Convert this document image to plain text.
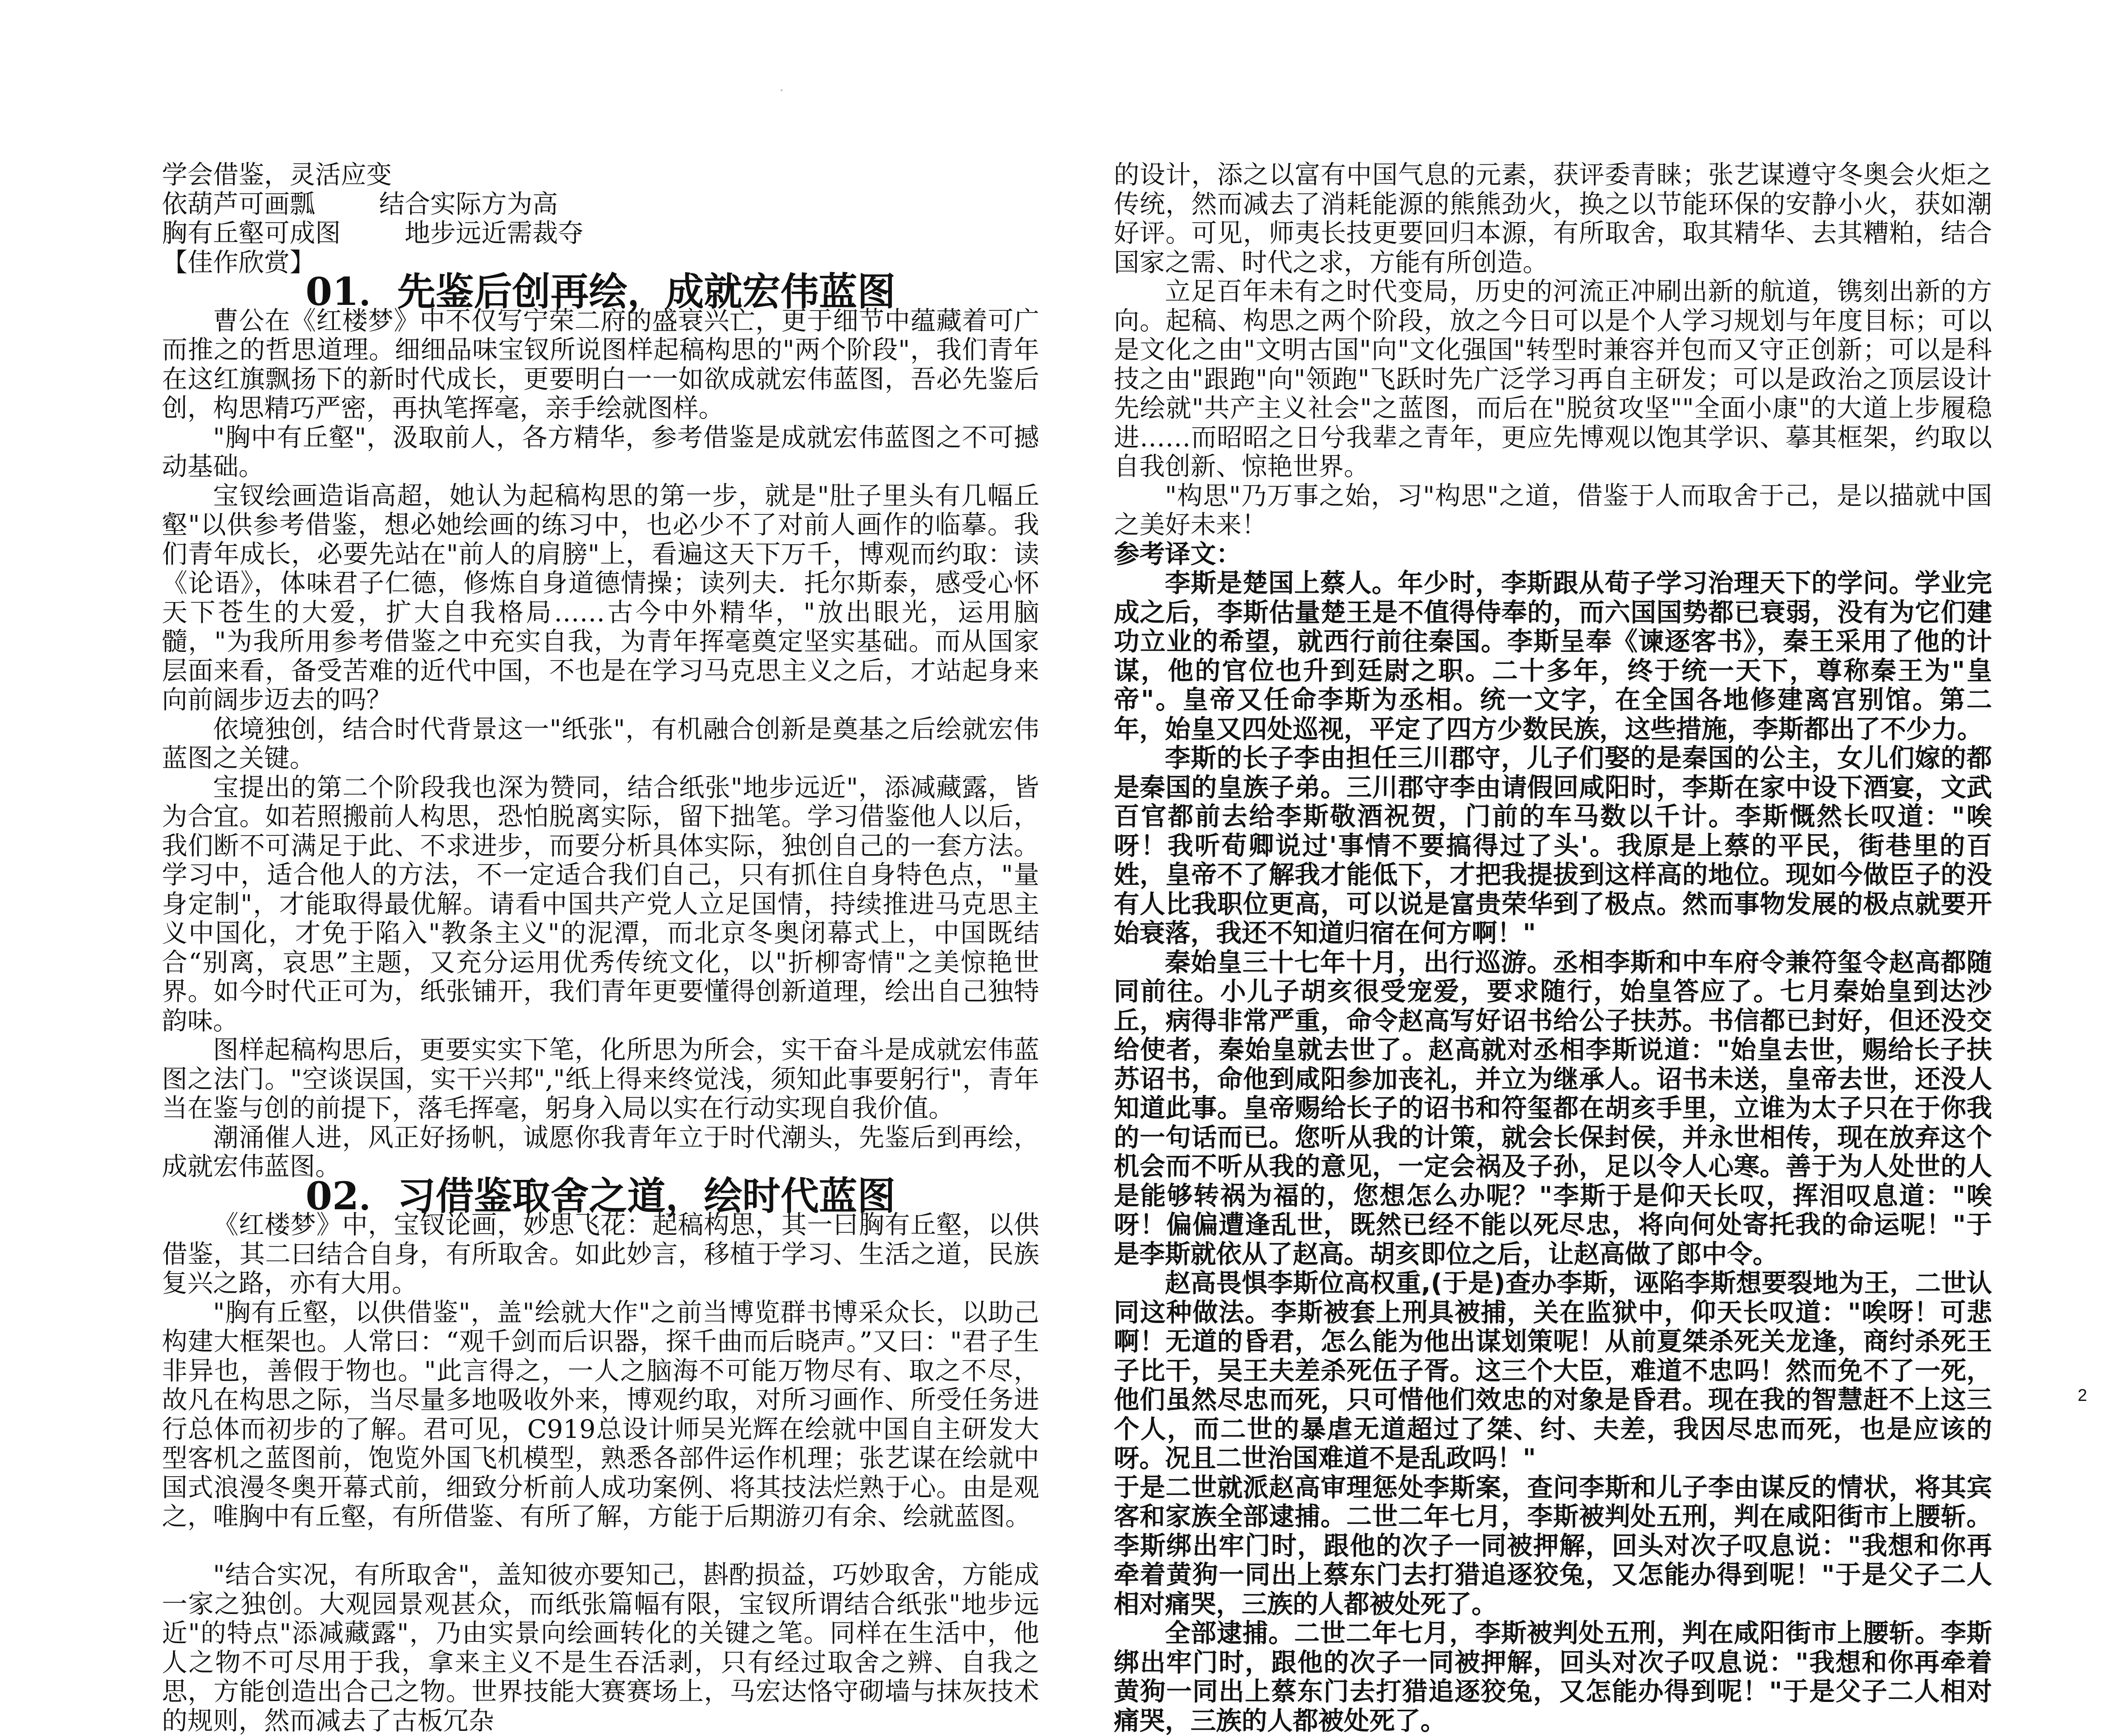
学会借鉴，灵活应变

依葫芦可画瓢	结合实际方为高

胸有丘壑可成图	地步远近需裁夺

【佳作欣赏】

01．先鉴后创再绘，成就宏伟蓝图

曹公在《红楼梦》中不仅写宁荣二府的盛衰兴亡，更于细节中蕴藏着可广而推之的哲思道理。细细品味宝钗所说图样起稿构思的"两个阶段"，我们青年在这红旗飘扬下的新时代成长，更要明白一一如欲成就宏伟蓝图，吾必先鉴后创，构思精巧严密，再执笔挥毫，亲手绘就图样。

"胸中有丘壑"，汲取前人，各方精华，参考借鉴是成就宏伟蓝图之不可撼动基础。

宝钗绘画造诣高超，她认为起稿构思的第一步，就是"肚子里头有几幅丘壑"以供参考借鉴，想必她绘画的练习中，也必少不了对前人画作的临摹。我们青年成长，必要先站在"前人的肩膀"上，看遍这天下万千，博观而约取：读《论语》，体味君子仁德，修炼自身道德情操；读列夫．托尔斯泰，感受心怀天下苍生的大爱，扩大自我格局……古今中外精华，"放出眼光，运用脑髓，"为我所用参考借鉴之中充实自我，为青年挥毫奠定坚实基础。而从国家层面来看，备受苦难的近代中国，不也是在学习马克思主义之后，才站起身来向前阔步迈去的吗？

依境独创，结合时代背景这一"纸张"，有机融合创新是奠基之后绘就宏伟蓝图之关键。

宝提出的第二个阶段我也深为赞同，结合纸张"地步远近"，添减藏露，皆为合宜。如若照搬前人构思，恐怕脱离实际，留下拙笔。学习借鉴他人以后，我们断不可满足于此、不求进步，而要分析具体实际，独创自己的一套方法。学习中，适合他人的方法，不一定适合我们自己，只有抓住自身特色点，"量身定制"，才能取得最优解。请看中国共产党人立足国情，持续推进马克思主义中国化，才免于陷入"教条主义"的泥潭，而北京冬奥闭幕式上，中国既结合“别离，哀思”主题，又充分运用优秀传统文化，以"折柳寄情"之美惊艳世界。如今时代正可为，纸张铺开，我们青年更要懂得创新道理，绘出自己独特韵味。

图样起稿构思后，更要实实下笔，化所思为所会，实干奋斗是成就宏伟蓝图之法门。"空谈误国，实干兴邦","纸上得来终觉浅，须知此事要躬行"，青年当在鉴与创的前提下，落毛挥毫，躬身入局以实在行动实现自我价值。

潮涌催人进，风正好扬帆，诚愿你我青年立于时代潮头，先鉴后到再绘，成就宏伟蓝图。

02．习借鉴取舍之道，绘时代蓝图

《红楼梦》中，宝钗论画，妙思飞花：起稿构思，其一曰胸有丘壑，以供借鉴，其二曰结合自身，有所取舍。如此妙言，移植于学习、生活之道，民族复兴之路，亦有大用。

"胸有丘壑，以供借鉴"，盖"绘就大作"之前当博览群书博采众长，以助己构建大框架也。人常曰：“观千剑而后识器，探千曲而后晓声。”又曰："君子生非异也，善假于物也。"此言得之，一人之脑海不可能万物尽有、取之不尽，故凡在构思之际，当尽量多地吸收外来，博观约取，对所习画作、所受任务进行总体而初步的了解。君可见，C919总设计师吴光辉在绘就中国自主研发大型客机之蓝图前，饱览外国飞机模型，熟悉各部件运作机理；张艺谋在绘就中国式浪漫冬奥开幕式前，细致分析前人成功案例、将其技法烂熟于心。由是观之，唯胸中有丘壑，有所借鉴、有所了解，方能于后期游刃有余、绘就蓝图。

"结合实况，有所取舍"，盖知彼亦要知己，斟酌损益，巧妙取舍，方能成一家之独创。大观园景观甚众，而纸张篇幅有限，宝钗所谓结合纸张"地步远近"的特点"添减藏露"，乃由实景向绘画转化的关键之笔。同样在生活中，他人之物不可尽用于我，拿来主义不是生吞活剥，只有经过取舍之辨、自我之思，方能创造出合己之物。世界技能大赛赛场上，马宏达恪守砌墙与抹灰技术的规则，然而减去了古板冗杂

的设计，添之以富有中国气息的元素，获评委青睐；张艺谋遵守冬奥会火炬之传统，然而减去了消耗能源的熊熊劲火，换之以节能环保的安静小火，获如潮好评。可见，师夷长技更要回归本源，有所取舍，取其精华、去其糟粕，结合国家之需、时代之求，方能有所创造。

立足百年未有之时代变局，历史的河流正冲刷出新的航道，镌刻出新的方向。起稿、构思之两个阶段，放之今日可以是个人学习规划与年度目标；可以是文化之由"文明古国"向"文化强国"转型时兼容并包而又守正创新；可以是科技之由"跟跑"向"领跑"飞跃时先广泛学习再自主研发；可以是政治之顶层设计先绘就"共产主义社会"之蓝图，而后在"脱贫攻坚""全面小康"的大道上步履稳进……而昭昭之日兮我辈之青年，更应先博观以饱其学识、摹其框架，约取以自我创新、惊艳世界。

"构思"乃万事之始，习"构思"之道，借鉴于人而取舍于己，是以描就中国之美好未来！

参考译文：

李斯是楚国上蔡人。年少时，李斯跟从荀子学习治理天下的学问。学业完成之后，李斯估量楚王是不值得侍奉的，而六国国势都已衰弱，没有为它们建功立业的希望，就西行前往秦国。李斯呈奉《谏逐客书》，秦王采用了他的计谋，他的官位也升到廷尉之职。二十多年，终于统一天下，尊称秦王为"皇帝"。皇帝又任命李斯为丞相。统一文字，在全国各地修建离宫别馆。第二年，始皇又四处巡视，平定了四方少数民族，这些措施，李斯都出了不少力。

李斯的长子李由担任三川郡守，儿子们娶的是秦国的公主，女儿们嫁的都是秦国的皇族子弟。三川郡守李由请假回咸阳时，李斯在家中设下酒宴，文武百官都前去给李斯敬酒祝贺，门前的车马数以千计。李斯慨然长叹道："唉呀！我听荀卿说过'事情不要搞得过了头'。我原是上蔡的平民，街巷里的百姓，皇帝不了解我才能低下，才把我提拔到这样高的地位。现如今做臣子的没有人比我职位更高，可以说是富贵荣华到了极点。然而事物发展的极点就要开始衰落，我还不知道归宿在何方啊！"

秦始皇三十七年十月，出行巡游。丞相李斯和中车府令兼符玺令赵高都随同前往。小儿子胡亥很受宠爱，要求随行，始皇答应了。七月秦始皇到达沙丘，病得非常严重，命令赵高写好诏书给公子扶苏。书信都已封好，但还没交给使者，秦始皇就去世了。赵高就对丞相李斯说道："始皇去世，赐给长子扶苏诏书，命他到咸阳参加丧礼，并立为继承人。诏书未送，皇帝去世，还没人知道此事。皇帝赐给长子的诏书和符玺都在胡亥手里，立谁为太子只在于你我的一句话而已。您听从我的计策，就会长保封侯，并永世相传，现在放弃这个机会而不听从我的意见，一定会祸及子孙，足以令人心寒。善于为人处世的人是能够转祸为福的，您想怎么办呢？"李斯于是仰天长叹，挥泪叹息道："唉呀！偏偏遭逢乱世，既然已经不能以死尽忠，将向何处寄托我的命运呢！"于是李斯就依从了赵高。胡亥即位之后，让赵高做了郎中令。

赵高畏惧李斯位高权重,(于是)查办李斯，诬陷李斯想要裂地为王，二世认同这种做法。李斯被套上刑具被捕，关在监狱中，仰天长叹道："唉呀！可悲啊！无道的昏君，怎么能为他出谋划策呢！从前夏桀杀死关龙逢，商纣杀死王子比干，吴王夫差杀死伍子胥。这三个大臣，难道不忠吗！然而免不了一死，他们虽然尽忠而死，只可惜他们效忠的对象是昏君。现在我的智慧赶不上这三个人，而二世的暴虐无道超过了桀、纣、夫差，我因尽忠而死，也是应该的呀。况且二世治国难道不是乱政吗！"

于是二世就派赵高审理惩处李斯案，查问李斯和儿子李由谋反的情状，将其宾客和家族全部逮捕。二世二年七月，李斯被判处五刑，判在咸阳街市上腰斩。李斯绑出牢门时，跟他的次子一同被押解，回头对次子叹息说："我想和你再牵着黄狗一同出上蔡东门去打猎追逐狡兔，又怎能办得到呢！"于是父子二人相对痛哭，三族的人都被处死了。

全部逮捕。二世二年七月，李斯被判处五刑，判在咸阳街市上腰斩。李斯绑出牢门时，跟他的次子一同被押解，回头对次子叹息说："我想和你再牵着黄狗一同出上蔡东门去打猎追逐狡兔，又怎能办得到呢！"于是父子二人相对痛哭，三族的人都被处死了。

2
